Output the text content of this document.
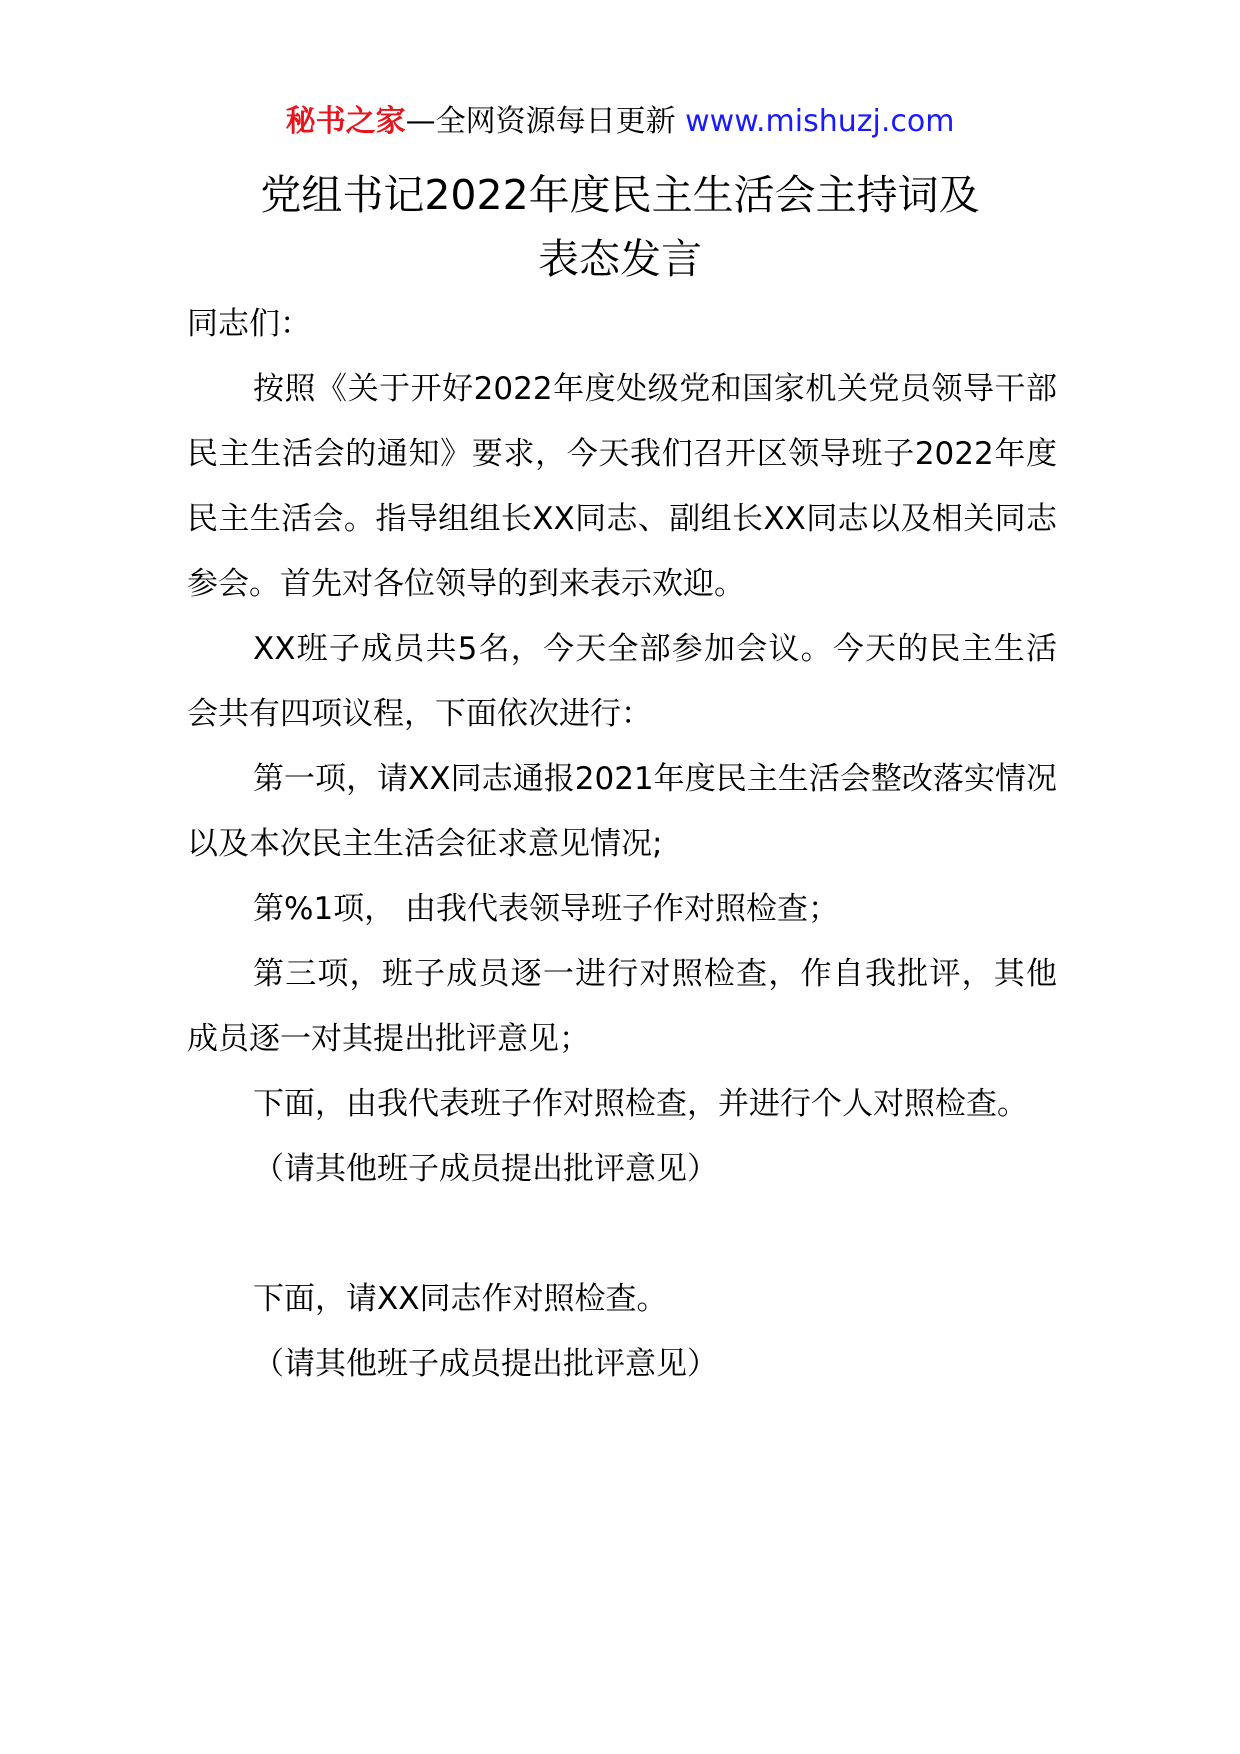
秘书之家—全网资源每日更新 www.mishuzj.com
党组书记2022年度民主生活会主持词及
表态发言

同志们：

按照《关于开好2022年度处级党和国家机关党员领导干部民主生活会的通知》要求，今天我们召开区领导班子2022年度民主生活会。指导组组长XX同志、副组长XX同志以及相关同志参会。首先对各位领导的到来表示欢迎。

XX班子成员共5名，今天全部参加会议。今天的民主生活会共有四项议程，下面依次进行：

第一项，请XX同志通报2021年度民主生活会整改落实情况以及本次民主生活会征求意见情况;

第%1项， 由我代表领导班子作对照检查；

第三项，班子成员逐一进行对照检查，作自我批评，其他成员逐一对其提出批评意见；

下面，由我代表班子作对照检查，并进行个人对照检查。

（请其他班子成员提出批评意见）

下面，请XX同志作对照检查。

（请其他班子成员提出批评意见）
